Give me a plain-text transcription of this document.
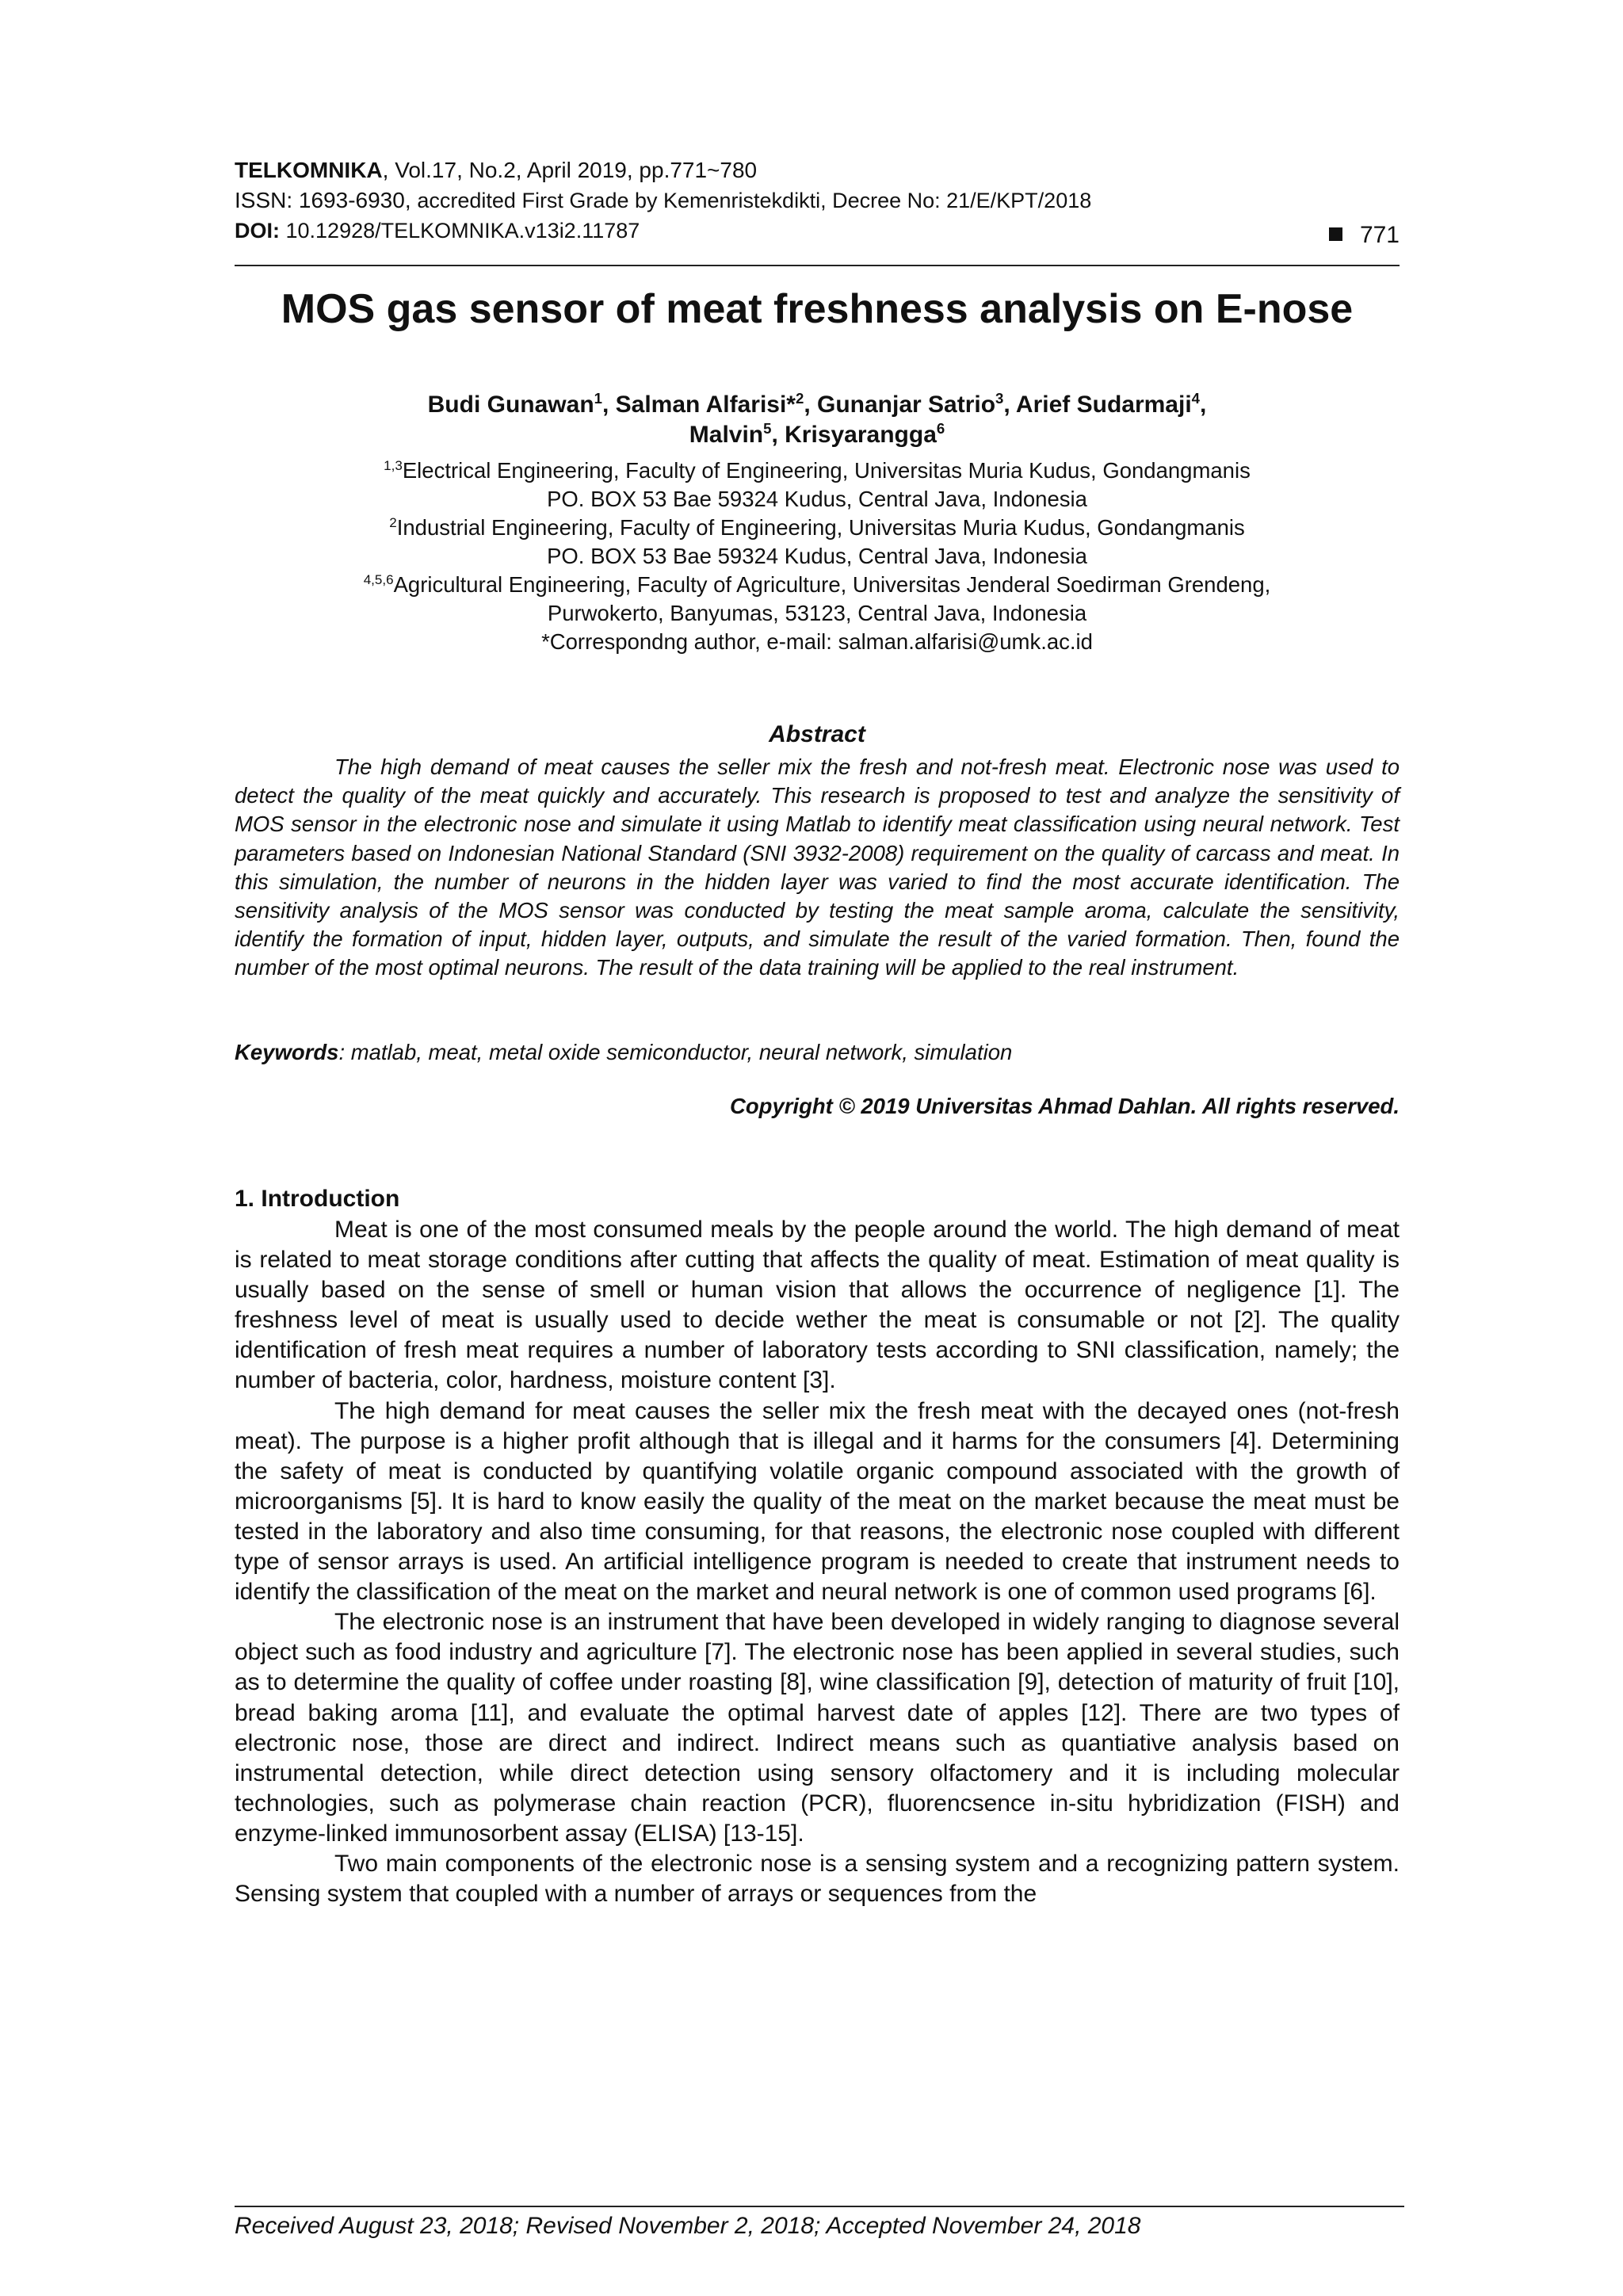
TELKOMNIKA, Vol.17, No.2, April 2019, pp.771~780
ISSN: 1693-6930, accredited First Grade by Kemenristekdikti, Decree No: 21/E/KPT/2018
DOI: 10.12928/TELKOMNIKA.v13i2.11787	771
MOS gas sensor of meat freshness analysis on E-nose
Budi Gunawan$^1$, Salman Alfarisi*$^2$, Gunanjar Satrio$^3$, Arief Sudarmaji$^4$,
Malvin$^5$, Krisyarangga$^6$

$^{1,3}$Electrical Engineering, Faculty of Engineering, Universitas Muria Kudus, Gondangmanis

PO. BOX 53 Bae 59324 Kudus, Central Java, Indonesia

$^2$Industrial Engineering, Faculty of Engineering, Universitas Muria Kudus, Gondangmanis

PO. BOX 53 Bae 59324 Kudus, Central Java, Indonesia

$^{4,5,6}$Agricultural Engineering, Faculty of Agriculture, Universitas Jenderal Soedirman Grendeng,

Purwokerto, Banyumas, 53123, Central Java, Indonesia

*Correspondng author, e-mail: salman.alfarisi@umk.ac.id

Abstract

The high demand of meat causes the seller mix the fresh and not-fresh meat. Electronic nose was used to detect the quality of the meat quickly and accurately. This research is proposed to test and analyze the sensitivity of MOS sensor in the electronic nose and simulate it using Matlab to identify meat classification using neural network. Test parameters based on Indonesian National Standard (SNI 3932-2008) requirement on the quality of carcass and meat. In this simulation, the number of neurons in the hidden layer was varied to find the most accurate identification. The sensitivity analysis of the MOS sensor was conducted by testing the meat sample aroma, calculate the sensitivity, identify the formation of input, hidden layer, outputs, and simulate the result of the varied formation. Then, found the number of the most optimal neurons. The result of the data training will be applied to the real instrument.

Keywords: matlab, meat, metal oxide semiconductor, neural network, simulation
Copyright © 2019 Universitas Ahmad Dahlan. All rights reserved.
1. Introduction

Meat is one of the most consumed meals by the people around the world. The high demand of meat is related to meat storage conditions after cutting that affects the quality of meat. Estimation of meat quality is usually based on the sense of smell or human vision that allows the occurrence of negligence [1]. The freshness level of meat is usually used to decide wether the meat is consumable or not [2]. The quality identification of fresh meat requires a number of laboratory tests according to SNI classification, namely; the number of bacteria, color, hardness, moisture content [3].

The high demand for meat causes the seller mix the fresh meat with the decayed ones (not-fresh meat). The purpose is a higher profit although that is illegal and it harms for the consumers [4]. Determining the safety of meat is conducted by quantifying volatile organic compound associated with the growth of microorganisms [5]. It is hard to know easily the quality of the meat on the market because the meat must be tested in the laboratory and also time consuming, for that reasons, the electronic nose coupled with different type of sensor arrays is used. An artificial intelligence program is needed to create that instrument needs to identify the classification of the meat on the market and neural network is one of common used programs [6].

The electronic nose is an instrument that have been developed in widely ranging to diagnose several object such as food industry and agriculture [7]. The electronic nose has been applied in several studies, such as to determine the quality of coffee under roasting [8], wine classification [9], detection of maturity of fruit [10], bread baking aroma [11], and evaluate the optimal harvest date of apples [12]. There are two types of electronic nose, those are direct and indirect. Indirect means such as quantiative analysis based on instrumental detection, while direct detection using sensory olfactomery and it is including molecular technologies, such as polymerase chain reaction (PCR), fluorencsence in-situ hybridization (FISH) and enzyme-linked immunosorbent assay (ELISA) [13-15].

Two main components of the electronic nose is a sensing system and a recognizing pattern system. Sensing system that coupled with a number of arrays or sequences from the

Received August 23, 2018; Revised November 2, 2018; Accepted November 24, 2018
